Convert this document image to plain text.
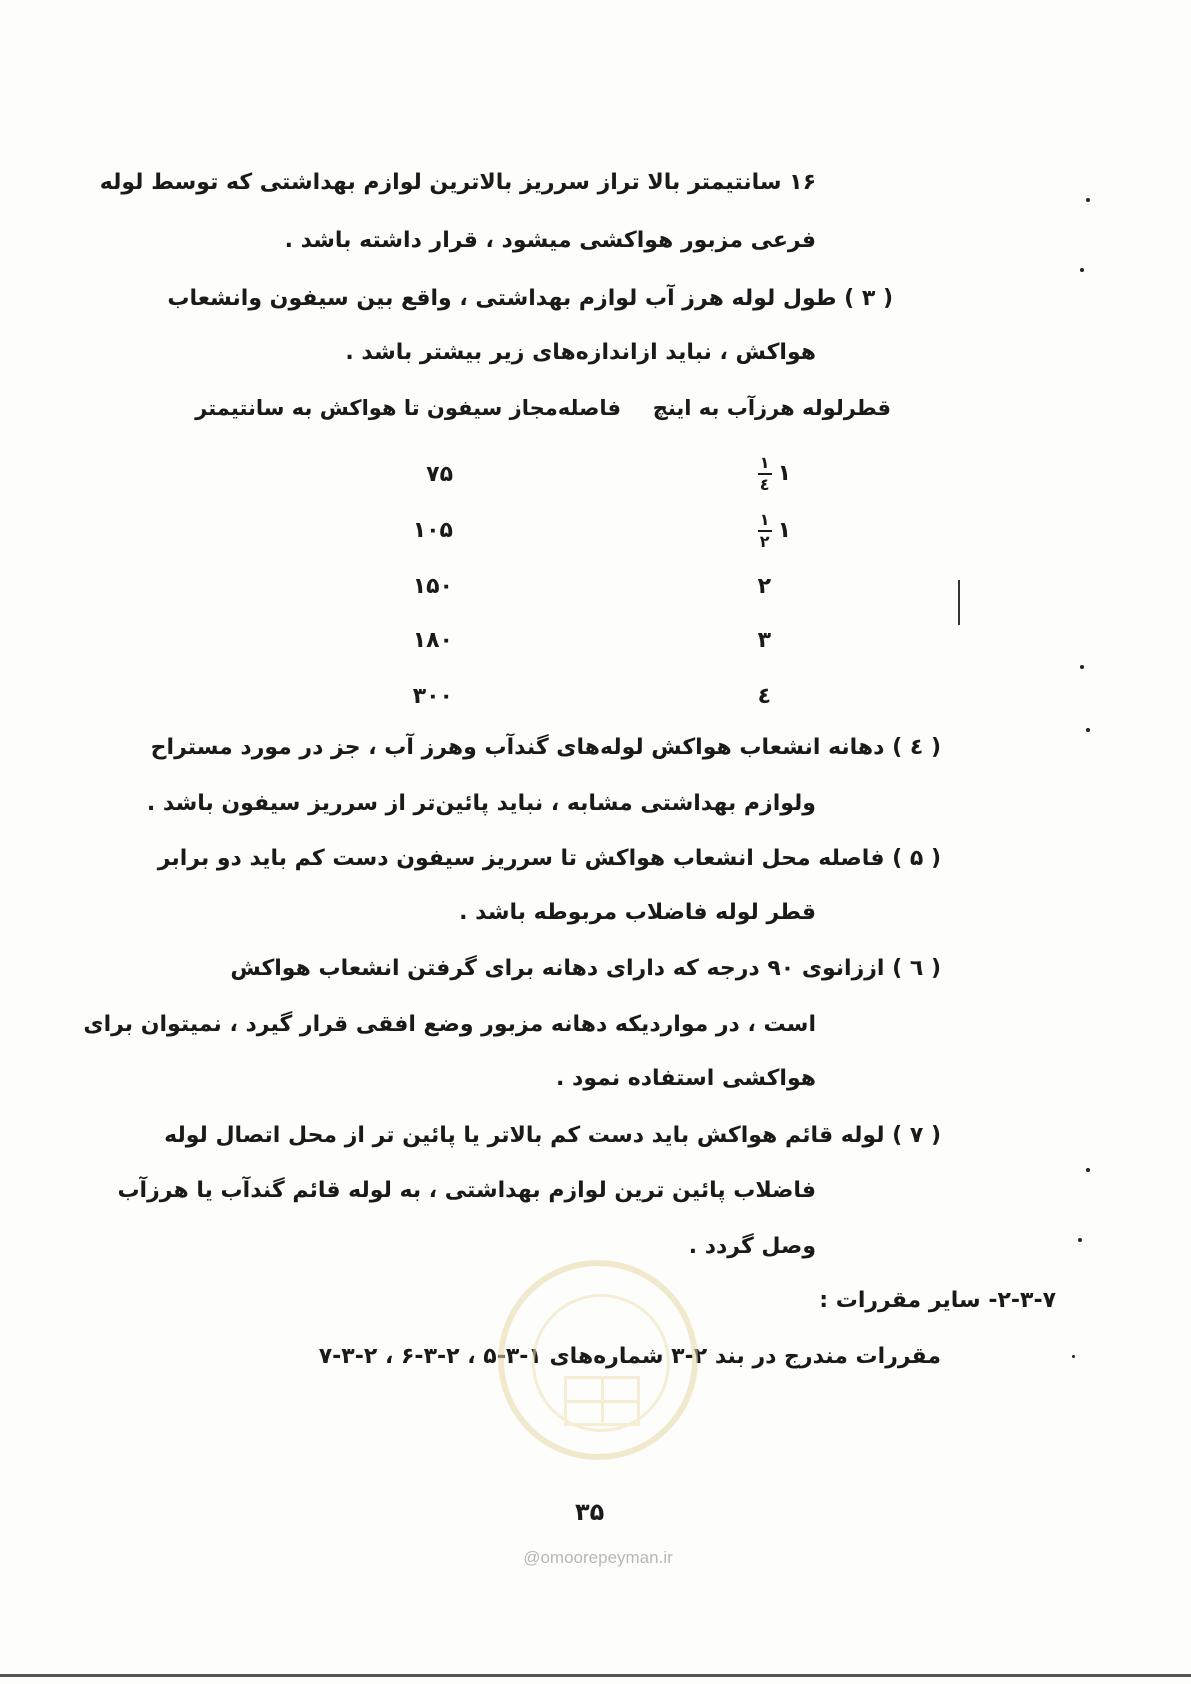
۱۶ سانتیمتر بالا تراز سرریز بالاترین لوازم بهداشتی که توسط لوله
فرعی مزبور هواکشی میشود ، قرار داشته باشد .
( ۳ ) طول لوله هرز آب لوازم بهداشتی ، واقع بین سیفون وانشعاب
هواکش ، نباید ازاندازه‌های زیر بیشتر باشد .
قطرلوله هرزآب به اینچ
فاصله‌مجاز سیفون تا هواکش به سانتیمتر
۱
$\frac{۱}{٤}$
۷۵
۱
$\frac{۱}{۲}$
۱۰۵
۲
۱۵۰
۳
۱۸۰
٤
۳۰۰
( ٤ ) دهانه انشعاب هواکش لوله‌های گندآب وهرز آب ، جز در مورد مستراح
ولوازم بهداشتی مشابه ، نباید پائین‌تر از سرریز سیفون باشد .
( ۵ ) فاصله محل انشعاب هواکش تا سرریز سیفون دست کم باید دو برابر
قطر لوله فاضلاب مربوطه باشد .
( ٦ ) اززانوی ۹۰ درجه که دارای دهانه برای گرفتن انشعاب هواکش
است ، در مواردیکه دهانه مزبور وضع افقی قرار گیرد ، نمیتوان برای
هواکشی استفاده نمود .
( ۷ ) لوله قائم هواکش باید دست کم بالاتر یا پائین تر از محل اتصال لوله
فاضلاب پائین ترین لوازم بهداشتی ، به لوله قائم گندآب یا هرزآب
وصل گردد .
۲-۳-۷- سایر مقررات :
مقررات مندرج در بند ۲-۳ شماره‌های ۱-۳-۵ ، ۲-۳-۶ ، ۲-۳-۷
۳۵
@omoorepeyman.ir
